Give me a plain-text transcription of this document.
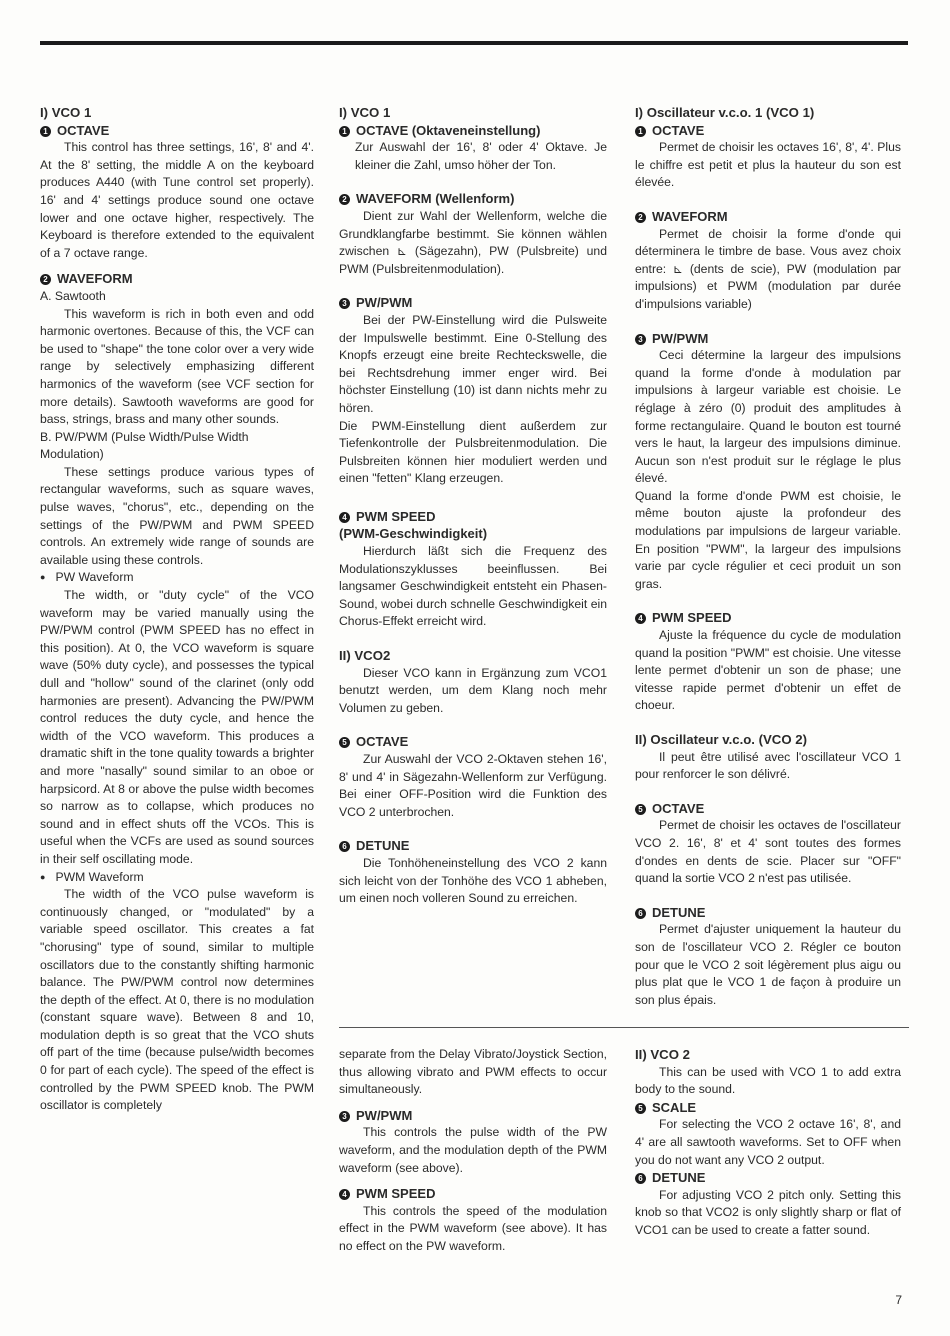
I) VCO 1

1 OCTAVE

This control has three settings, 16', 8' and 4'. At the 8' setting, the middle A on the keyboard produces A440 (with Tune control set properly). 16' and 4' settings produce sound one octave lower and one octave higher, respectively. The Keyboard is therefore extended to the equivalent of a 7 octave range.

2 WAVEFORM

A. Sawtooth

This waveform is rich in both even and odd harmonic overtones. Because of this, the VCF can be used to "shape" the tone color over a very wide range by selectively emphasizing different harmonics of the waveform (see VCF section for more details). Sawtooth waveforms are good for bass, strings, brass and many other sounds.

B. PW/PWM (Pulse Width/Pulse Width Modulation)

These settings produce various types of rectangular waveforms, such as square waves, pulse waves, "chorus", etc., depending on the settings of the PW/PWM and PWM SPEED controls. An extremely wide range of sounds are available using these controls.

● PW Waveform

The width, or "duty cycle" of the VCO waveform may be varied manually using the PW/PWM control (PWM SPEED has no effect in this position). At 0, the VCO waveform is square wave (50% duty cycle), and possesses the typical dull and "hollow" sound of the clarinet (only odd harmonies are present). Advancing the PW/PWM control reduces the duty cycle, and hence the width of the VCO waveform. This produces a dramatic shift in the tone quality towards a brighter and more "nasally" sound similar to an oboe or harpsicord. At 8 or above the pulse width becomes so narrow as to collapse, which produces no sound and in effect shuts off the VCOs. This is useful when the VCFs are used as sound sources in their self oscillating mode.

● PWM Waveform

The width of the VCO pulse waveform is continuously changed, or "modulated" by a variable speed oscillator. This creates a fat "chorusing" type of sound, similar to multiple oscillators due to the constantly shifting harmonic balance. The PW/PWM control now determines the depth of the effect. At 0, there is no modulation (constant square wave). Between 8 and 10, modulation depth is so great that the VCO shuts off part of the time (because pulse/width becomes 0 for part of each cycle). The speed of the effect is controlled by the PWM SPEED knob. The PWM oscillator is completely

I) VCO 1

1 OCTAVE (Oktaveneinstellung)

Zur Auswahl der 16', 8' oder 4' Oktave. Je kleiner die Zahl, umso höher der Ton.

2 WAVEFORM (Wellenform)

Dient zur Wahl der Wellenform, welche die Grundklangfarbe bestimmt. Sie können wählen zwischen ⊾ (Sägezahn), PW (Pulsbreite) und PWM (Pulsbreitenmodulation).

3 PW/PWM

Bei der PW-Einstellung wird die Pulsweite der Impulswelle bestimmt. Eine 0-Stellung des Knopfs erzeugt eine breite Rechteckswelle, die bei Rechtsdrehung immer enger wird. Bei höchster Einstellung (10) ist dann nichts mehr zu hören.

Die PWM-Einstellung dient außerdem zur Tiefenkontrolle der Pulsbreitenmodulation. Die Pulsbreiten können hier moduliert werden und einen "fetten" Klang erzeugen.

4 PWM SPEED

(PWM-Geschwindigkeit)

Hierdurch läßt sich die Frequenz des Modulationszyklusses beeinflussen. Bei langsamer Geschwindigkeit entsteht ein Phasen-Sound, wobei durch schnelle Geschwindigkeit ein Chorus-Effekt erreicht wird.

II) VCO2

Dieser VCO kann in Ergänzung zum VCO1 benutzt werden, um dem Klang noch mehr Volumen zu geben.

5 OCTAVE

Zur Auswahl der VCO 2-Oktaven stehen 16', 8' und 4' in Sägezahn-Wellenform zur Verfügung. Bei einer OFF-Position wird die Funktion des VCO 2 unterbrochen.

6 DETUNE

Die Tonhöheneinstellung des VCO 2 kann sich leicht von der Tonhöhe des VCO 1 abheben, um einen noch volleren Sound zu erreichen.

I) Oscillateur v.c.o. 1 (VCO 1)

1 OCTAVE

Permet de choisir les octaves 16', 8', 4'. Plus le chiffre est petit et plus la hauteur du son est élevée.

2 WAVEFORM

Permet de choisir la forme d'onde qui déterminera le timbre de base. Vous avez choix entre: ⊾ (dents de scie), PW (modulation par impulsions) et PWM (modulation par durée d'impulsions variable)

3 PW/PWM

Ceci détermine la largeur des impulsions quand la forme d'onde à modulation par impulsions à largeur variable est choisie. Le réglage à zéro (0) produit des amplitudes à forme rectangulaire. Quand le bouton est tourné vers le haut, la largeur des impulsions diminue. Aucun son n'est produit sur le réglage le plus élevé.

Quand la forme d'onde PWM est choisie, le même bouton ajuste la profondeur des modulations par impulsions de largeur variable. En position "PWM", la largeur des impulsions varie par cycle régulier et ceci produit un son gras.

4 PWM SPEED

Ajuste la fréquence du cycle de modulation quand la position "PWM" est choisie. Une vitesse lente permet d'obtenir un son de phase; une vitesse rapide permet d'obtenir un effet de choeur.

II) Oscillateur v.c.o. (VCO 2)

Il peut être utilisé avec l'oscillateur VCO 1 pour renforcer le son délivré.

5 OCTAVE

Permet de choisir les octaves de l'oscillateur VCO 2. 16', 8' et 4' sont toutes des formes d'ondes en dents de scie. Placer sur "OFF" quand la sortie VCO 2 n'est pas utilisée.

6 DETUNE

Permet d'ajuster uniquement la hauteur du son de l'oscillateur VCO 2. Régler ce bouton pour que le VCO 2 soit légèrement plus aigu ou plus plat que le VCO 1 de façon à produire un son plus épais.

separate from the Delay Vibrato/Joystick Section, thus allowing vibrato and PWM effects to occur simultaneously.

3 PW/PWM

This controls the pulse width of the PW waveform, and the modulation depth of the PWM waveform (see above).

4 PWM SPEED

This controls the speed of the modulation effect in the PWM waveform (see above). It has no effect on the PW waveform.

II) VCO 2

This can be used with VCO 1 to add extra body to the sound.

5 SCALE

For selecting the VCO 2 octave 16', 8', and 4' are all sawtooth waveforms. Set to OFF when you do not want any VCO 2 output.

6 DETUNE

For adjusting VCO 2 pitch only. Setting this knob so that VCO2 is only slightly sharp or flat of VCO1 can be used to create a fatter sound.

7
